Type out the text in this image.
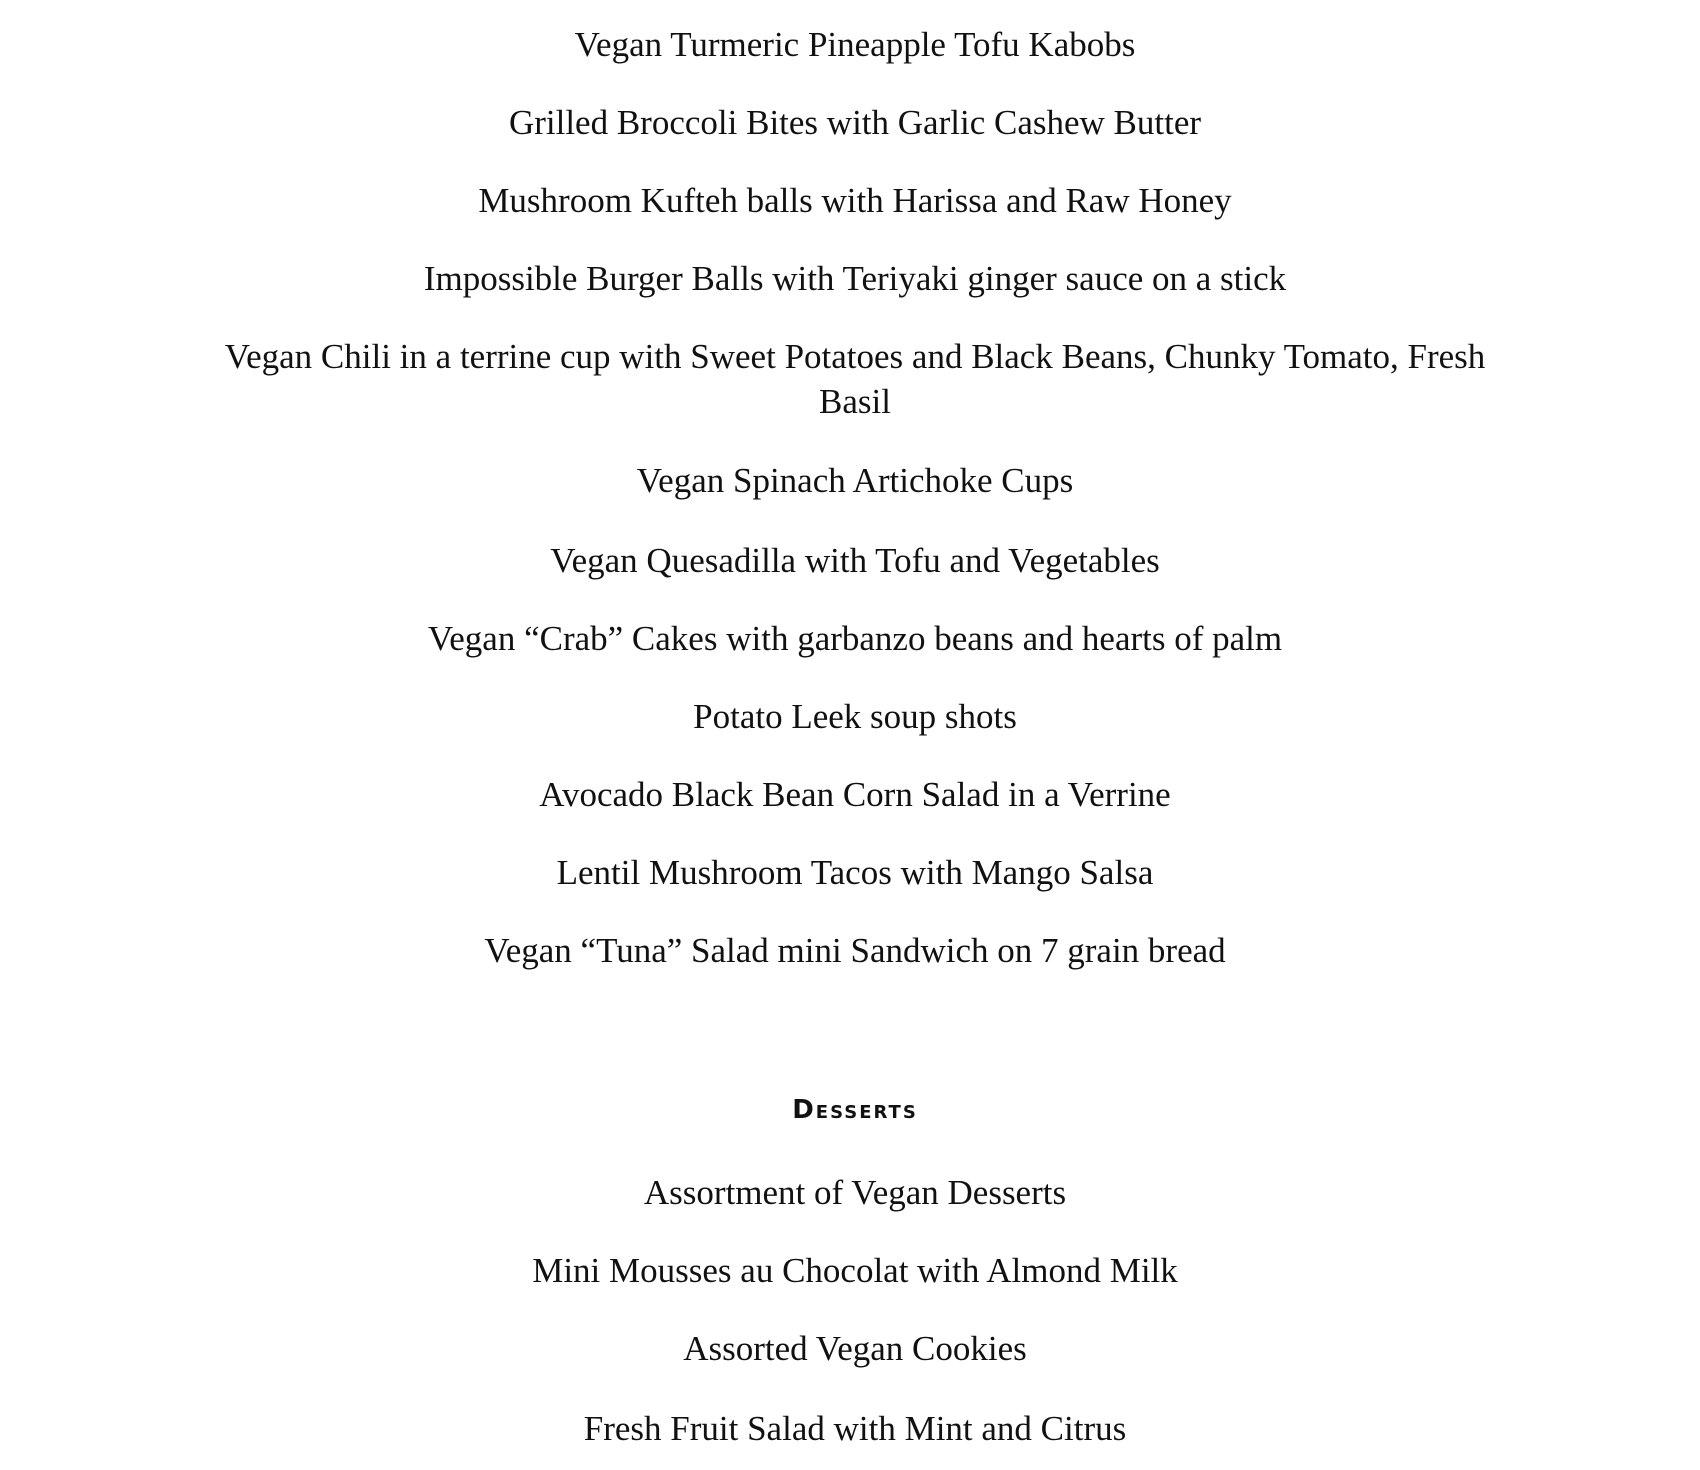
Vegan Turmeric Pineapple Tofu Kabobs

Grilled Broccoli Bites with Garlic Cashew Butter

Mushroom Kufteh balls with Harissa and Raw Honey

Impossible Burger Balls with Teriyaki ginger sauce on a stick

Vegan Chili in a terrine cup with Sweet Potatoes and Black Beans, Chunky Tomato, Fresh Basil

Vegan Spinach Artichoke Cups

Vegan Quesadilla with Tofu and Vegetables

Vegan “Crab” Cakes with garbanzo beans and hearts of palm

Potato Leek soup shots

Avocado Black Bean Corn Salad in a Verrine

Lentil Mushroom Tacos with Mango Salsa

Vegan “Tuna” Salad mini Sandwich on 7 grain bread

Desserts

Assortment of Vegan Desserts

Mini Mousses au Chocolat with Almond Milk

Assorted Vegan Cookies

Fresh Fruit Salad with Mint and Citrus
